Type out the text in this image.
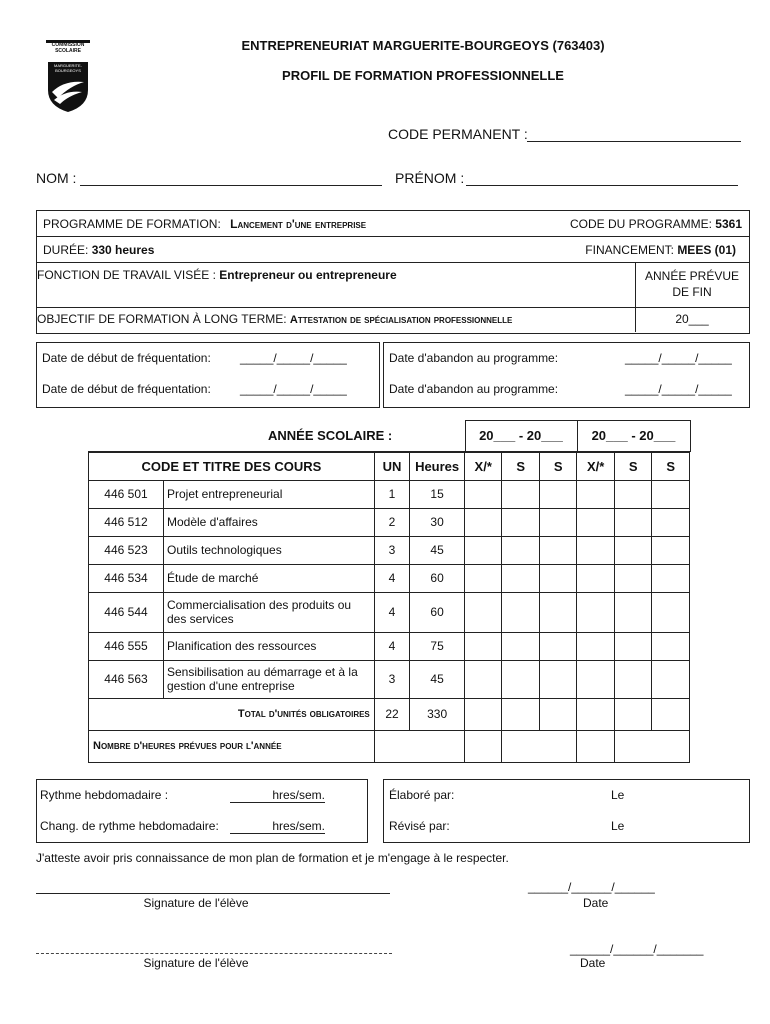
COMMISSION
SCOLAIRE
MARGUERITE-BOURGEOYS
ENTREPRENEURIAT MARGUERITE-BOURGEOYS (763403)
PROFIL DE FORMATION PROFESSIONNELLE
CODE PERMANENT :
NOM :	PRÉNOM :
PROGRAMME DE FORMATION: Lancement d'une entreprise	CODE DU PROGRAMME: 5361
DURÉE: 330 heures	FINANCEMENT: MEES (01)
FONCTION DE TRAVAIL VISÉE : Entrepreneur ou entrepreneure	ANNÉE PRÉVUE
DE FIN
OBJECTIF DE FORMATION À LONG TERME: Attestation de spécialisation professionnelle	20___
Date de début de fréquentation: _____/_____/_____
Date de début de fréquentation: _____/_____/_____
Date d'abandon au programme:	_____/_____/_____
Date d'abandon au programme:	_____/_____/_____
ANNÉE SCOLAIRE :	20___ - 20___	20___ - 20___
CODE ET TITRE DES COURS		UN	Heures	X/*	S	S	X/*	S	S
446 501	Projet entrepreneurial	1	15						
446 512	Modèle d'affaires	2	30						
446 523	Outils technologiques	3	45						
446 534	Étude de marché	4	60						
446 544	Commercialisation des produits ou des services	4	60						
446 555	Planification des ressources	4	75						
446 563	Sensibilisation au démarrage et à la gestion d'une entreprise	3	45						
Total d'unités obligatoires		22	330						
Nombre d'heures prévues pour l'année									
Rythme hebdomadaire :	hres/sem.
Chang. de rythme hebdomadaire:	hres/sem.
Élaboré par:	Le
Révisé par:	Le
J'atteste avoir pris connaissance de mon plan de formation et je m'engage à le respecter.
Signature de l'élève
______/______/______
Date
Signature de l'élève
______/______/_______
Date
